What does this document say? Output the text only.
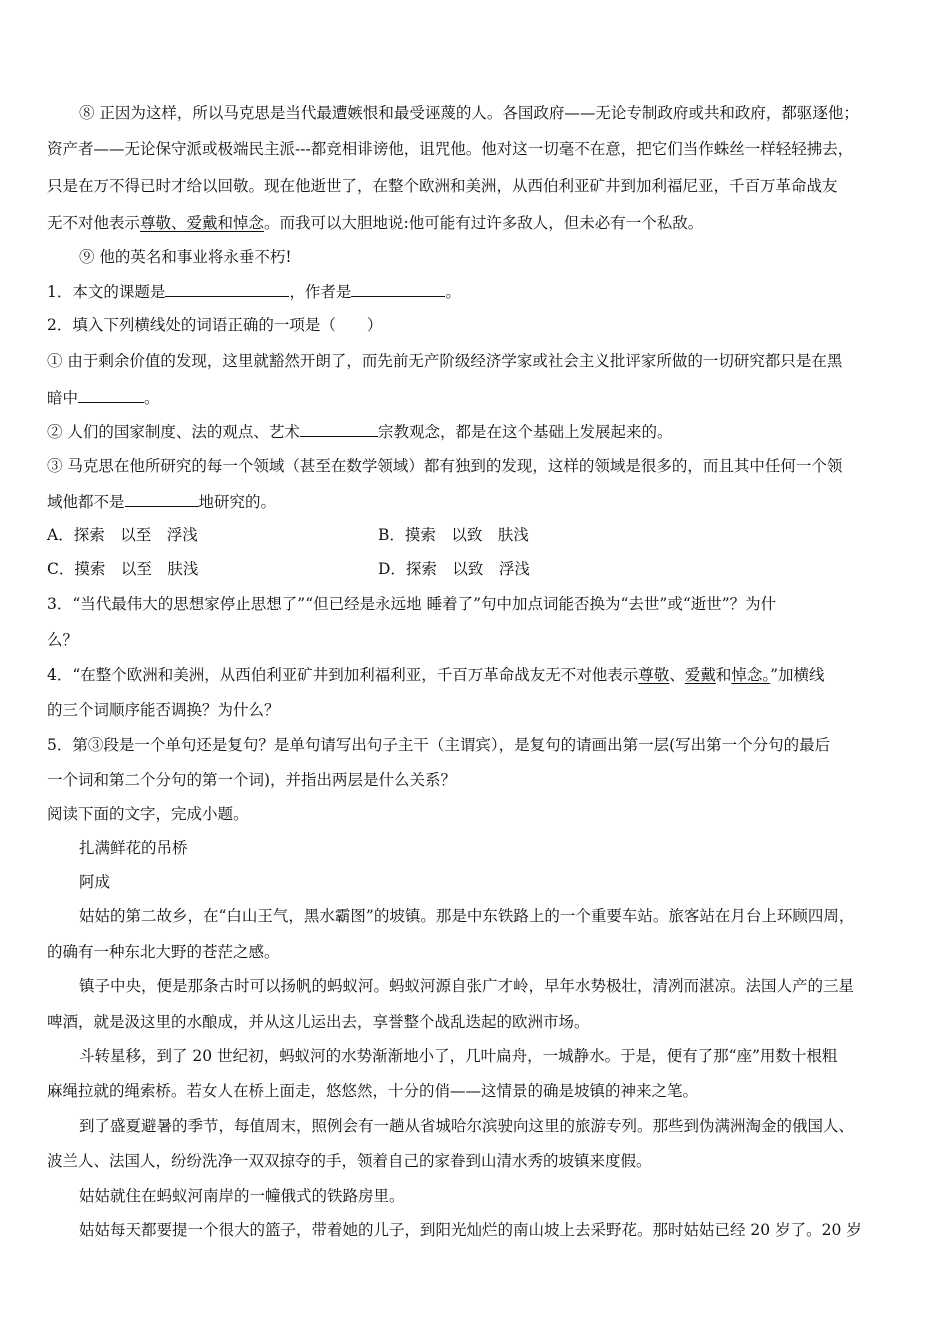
⑧ 正因为这样，所以马克思是当代最遭嫉恨和最受诬蔑的人。各国政府——无论专制政府或共和政府，都驱逐他；
资产者——无论保守派或极端民主派---都竞相诽谤他，诅咒他。他对这一切毫不在意，把它们当作蛛丝一样轻轻拂去，
只是在万不得已时才给以回敬。现在他逝世了，在整个欧洲和美洲，从西伯利亚矿井到加利福尼亚，千百万革命战友
无不对他表示尊敬、爱戴和悼念。而我可以大胆地说:他可能有过许多敌人，但未必有一个私敌。
⑨ 他的英名和事业将永垂不朽!
1．本文的课题是	，作者是	。
2．填入下列横线处的词语正确的一项是（　　）
① 由于剩余价值的发现，这里就豁然开朗了，而先前无产阶级经济学家或社会主义批评家所做的一切研究都只是在黑
暗中	。
② 人们的国家制度、法的观点、艺术	宗教观念，都是在这个基础上发展起来的。
③ 马克思在他所研究的每一个领域（甚至在数学领域）都有独到的发现，这样的领域是很多的，而且其中任何一个领
域他都不是	地研究的。
A．探索　以至　浮浅	B．摸索　以致　肤浅
C．摸索　以至　肤浅	D．探索　以致　浮浅
3．“当代最伟大的思想家停止思想了”“但已经是永远地 睡着了”句中加点词能否换为“去世”或“逝世”？为什
么？
4．“在整个欧洲和美洲，从西伯利亚矿井到加利福利亚，千百万革命战友无不对他表示尊敬、爱戴和悼念。”加横线
的三个词顺序能否调换？为什么？
5．第③段是一个单句还是复句？是单句请写出句子主干（主谓宾），是复句的请画出第一层(写出第一个分句的最后
一个词和第二个分句的第一个词)，并指出两层是什么关系？
阅读下面的文字，完成小题。
扎满鲜花的吊桥
阿成
姑姑的第二故乡，在“白山王气，黑水霸图”的坡镇。那是中东铁路上的一个重要车站。旅客站在月台上环顾四周，
的确有一种东北大野的苍茫之感。
镇子中央，便是那条古时可以扬帆的蚂蚁河。蚂蚁河源自张广才岭，早年水势极壮，清冽而湛凉。法国人产的三星
啤酒，就是汲这里的水酿成，并从这儿运出去，享誉整个战乱迭起的欧洲市场。
斗转星移，到了 20 世纪初，蚂蚁河的水势渐渐地小了，几叶扁舟，一城静水。于是，便有了那“座”用数十根粗
麻绳拉就的绳索桥。若女人在桥上面走，悠悠然，十分的俏——这情景的确是坡镇的神来之笔。
到了盛夏避暑的季节，每值周末，照例会有一趟从省城哈尔滨驶向这里的旅游专列。那些到伪满洲淘金的俄国人、
波兰人、法国人，纷纷洗净一双双掠夺的手，领着自己的家眷到山清水秀的坡镇来度假。
姑姑就住在蚂蚁河南岸的一幢俄式的铁路房里。
姑姑每天都要提一个很大的篮子，带着她的儿子，到阳光灿烂的南山坡上去采野花。那时姑姑已经 20 岁了。20 岁
